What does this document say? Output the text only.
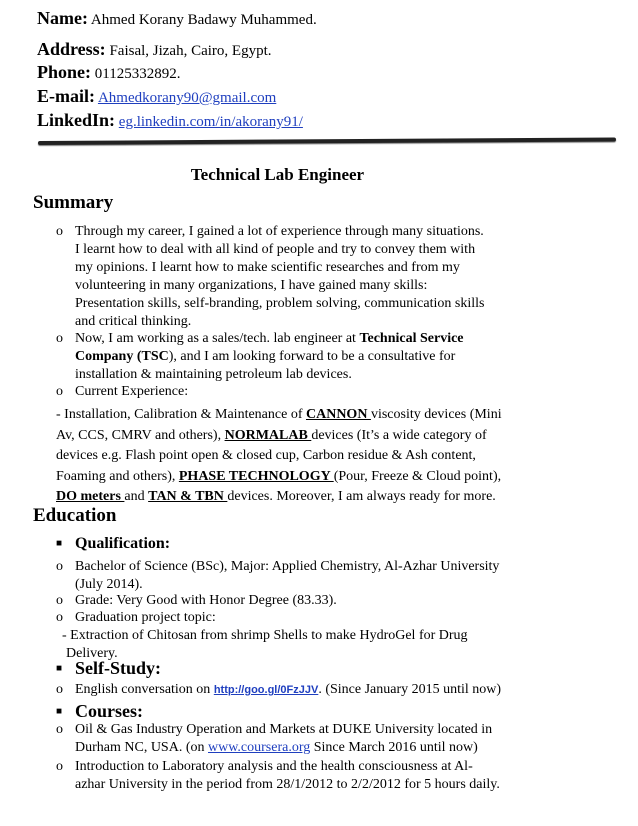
Name: Ahmed Korany Badawy Muhammed.
Address: Faisal, Jizah, Cairo, Egypt.
Phone: 01125332892.
E-mail: Ahmedkorany90@gmail.com
LinkedIn: eg.linkedin.com/in/akorany91/
Technical Lab Engineer
Summary
o Through my career, I gained a lot of experience through many situations.
I learnt how to deal with all kind of people and try to convey them with
my opinions. I learnt how to make scientific researches and from my
volunteering in many organizations, I have gained many skills:
Presentation skills, self-branding, problem solving, communication skills
and critical thinking.
o Now, I am working as a sales/tech. lab engineer at Technical Service
Company (TSC), and I am looking forward to be a consultative for
installation & maintaining petroleum lab devices.
o Current Experience:
- Installation, Calibration & Maintenance of CANNON viscosity devices (Mini
Av, CCS, CMRV and others), NORMALAB devices (It’s a wide category of
devices e.g. Flash point open & closed cup, Carbon residue & Ash content,
Foaming and others), PHASE TECHNOLOGY (Pour, Freeze & Cloud point),
DO meters and TAN & TBN devices. Moreover, I am always ready for more.
Education
■ Qualification:
o Bachelor of Science (BSc), Major: Applied Chemistry, Al-Azhar University
(July 2014).
o Grade: Very Good with Honor Degree (83.33).
o Graduation project topic:
- Extraction of Chitosan from shrimp Shells to make HydroGel for Drug
Delivery.
■ Self-Study:
o English conversation on http://goo.gl/0FzJJV. (Since January 2015 until now)
■ Courses:
o Oil & Gas Industry Operation and Markets at DUKE University located in
Durham NC, USA. (on www.coursera.org Since March 2016 until now)
o Introduction to Laboratory analysis and the health consciousness at Al-
azhar University in the period from 28/1/2012 to 2/2/2012 for 5 hours daily.
